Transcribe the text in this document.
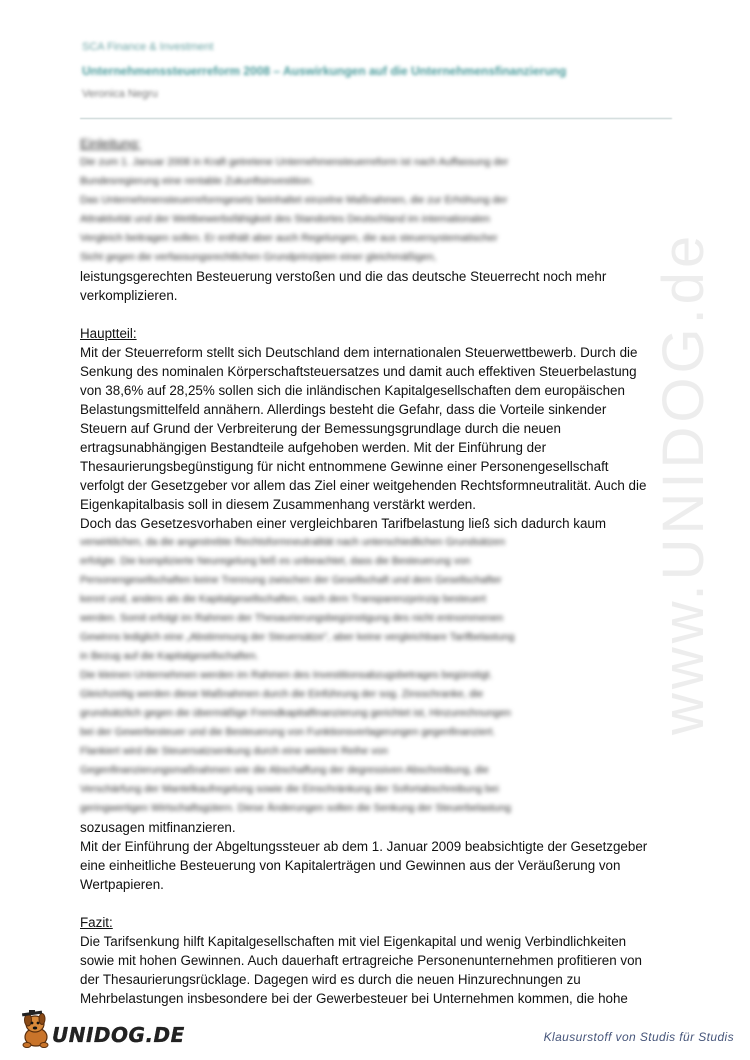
SCA Finance & Investment
Unternehmenssteuerreform 2008 – Auswirkungen auf die Unternehmensfinanzierung
Veronica Negru
Einleitung:
Die zum 1. Januar 2008 in Kraft getretene Unternehmensteuerreform ist nach Auffassung der
Bundesregierung eine rentable Zukunftsinvestition.
Das Unternehmensteuerreformgesetz beinhaltet einzelne Maßnahmen, die zur Erhöhung der
Attraktivität und der Wettbewerbsfähigkeit des Standortes Deutschland im internationalen
Vergleich beitragen sollen. Er enthält aber auch Regelungen, die aus steuersystematischer
Sicht gegen die verfassungsrechtlichen Grundprinzipien einer gleichmäßigen,
leistungsgerechten Besteuerung verstoßen und die das deutsche Steuerrecht noch mehr
verkomplizieren.
Hauptteil:
Mit der Steuerreform stellt sich Deutschland dem internationalen Steuerwettbewerb. Durch die
Senkung des nominalen Körperschaftsteuersatzes und damit auch effektiven Steuerbelastung
von 38,6% auf 28,25% sollen sich die inländischen Kapitalgesellschaften dem europäischen
Belastungsmittelfeld annähern. Allerdings besteht die Gefahr, dass die Vorteile sinkender
Steuern auf Grund der Verbreiterung der Bemessungsgrundlage durch die neuen
ertragsunabhängigen Bestandteile aufgehoben werden. Mit der Einführung der
Thesaurierungsbegünstigung für nicht entnommene Gewinne einer Personengesellschaft
verfolgt der Gesetzgeber vor allem das Ziel einer weitgehenden Rechtsformneutralität. Auch die
Eigenkapitalbasis soll in diesem Zusammenhang verstärkt werden.
Doch das Gesetzesvorhaben einer vergleichbaren Tarifbelastung ließ sich dadurch kaum
verwirklichen, da die angestrebte Rechtsformneutralität nach unterschiedlichen Grundsätzen
erfolgte. Die komplizierte Neuregelung ließ es unbeachtet, dass die Besteuerung von
Personengesellschaften keine Trennung zwischen der Gesellschaft und dem Gesellschafter
kennt und, anders als die Kapitalgesellschaften, nach dem Transparenzprinzip besteuert
werden. Somit erfolgt im Rahmen der Thesaurierungsbegünstigung des nicht entnommenen
Gewinns lediglich eine „Abstimmung der Steuersätze", aber keine vergleichbare Tarifbelastung
in Bezug auf die Kapitalgesellschaften.
Die kleinen Unternehmen werden im Rahmen des Investitionsabzugsbetrages begünstigt.
Gleichzeitig werden diese Maßnahmen durch die Einführung der sog. Zinsschranke, die
grundsätzlich gegen die übermäßige Fremdkapitalfinanzierung gerichtet ist, Hinzurechnungen
bei der Gewerbesteuer und die Besteuerung von Funktionsverlagerungen gegenfinanziert.
Flankiert wird die Steuersatzsenkung durch eine weitere Reihe von
Gegenfinanzierungsmaßnahmen wie die Abschaffung der degressiven Abschreibung, die
Verschärfung der Mantelkaufregelung sowie die Einschränkung der Sofortabschreibung bei
geringwertigen Wirtschaftsgütern. Diese Änderungen sollen die Senkung der Steuerbelastung
sozusagen mitfinanzieren.
Mit der Einführung der Abgeltungssteuer ab dem 1. Januar 2009 beabsichtigte der Gesetzgeber
eine einheitliche Besteuerung von Kapitalerträgen und Gewinnen aus der Veräußerung von
Wertpapieren.
Fazit:
Die Tarifsenkung hilft Kapitalgesellschaften mit viel Eigenkapital und wenig Verbindlichkeiten
sowie mit hohen Gewinnen. Auch dauerhaft ertragreiche Personenunternehmen profitieren von
der Thesaurierungsrücklage. Dagegen wird es durch die neuen Hinzurechnungen zu
Mehrbelastungen insbesondere bei der Gewerbesteuer bei Unternehmen kommen, die hohe
www.UNIDOG.de
UNIDOG.DE	Klausurstoff von Studis für Studis
